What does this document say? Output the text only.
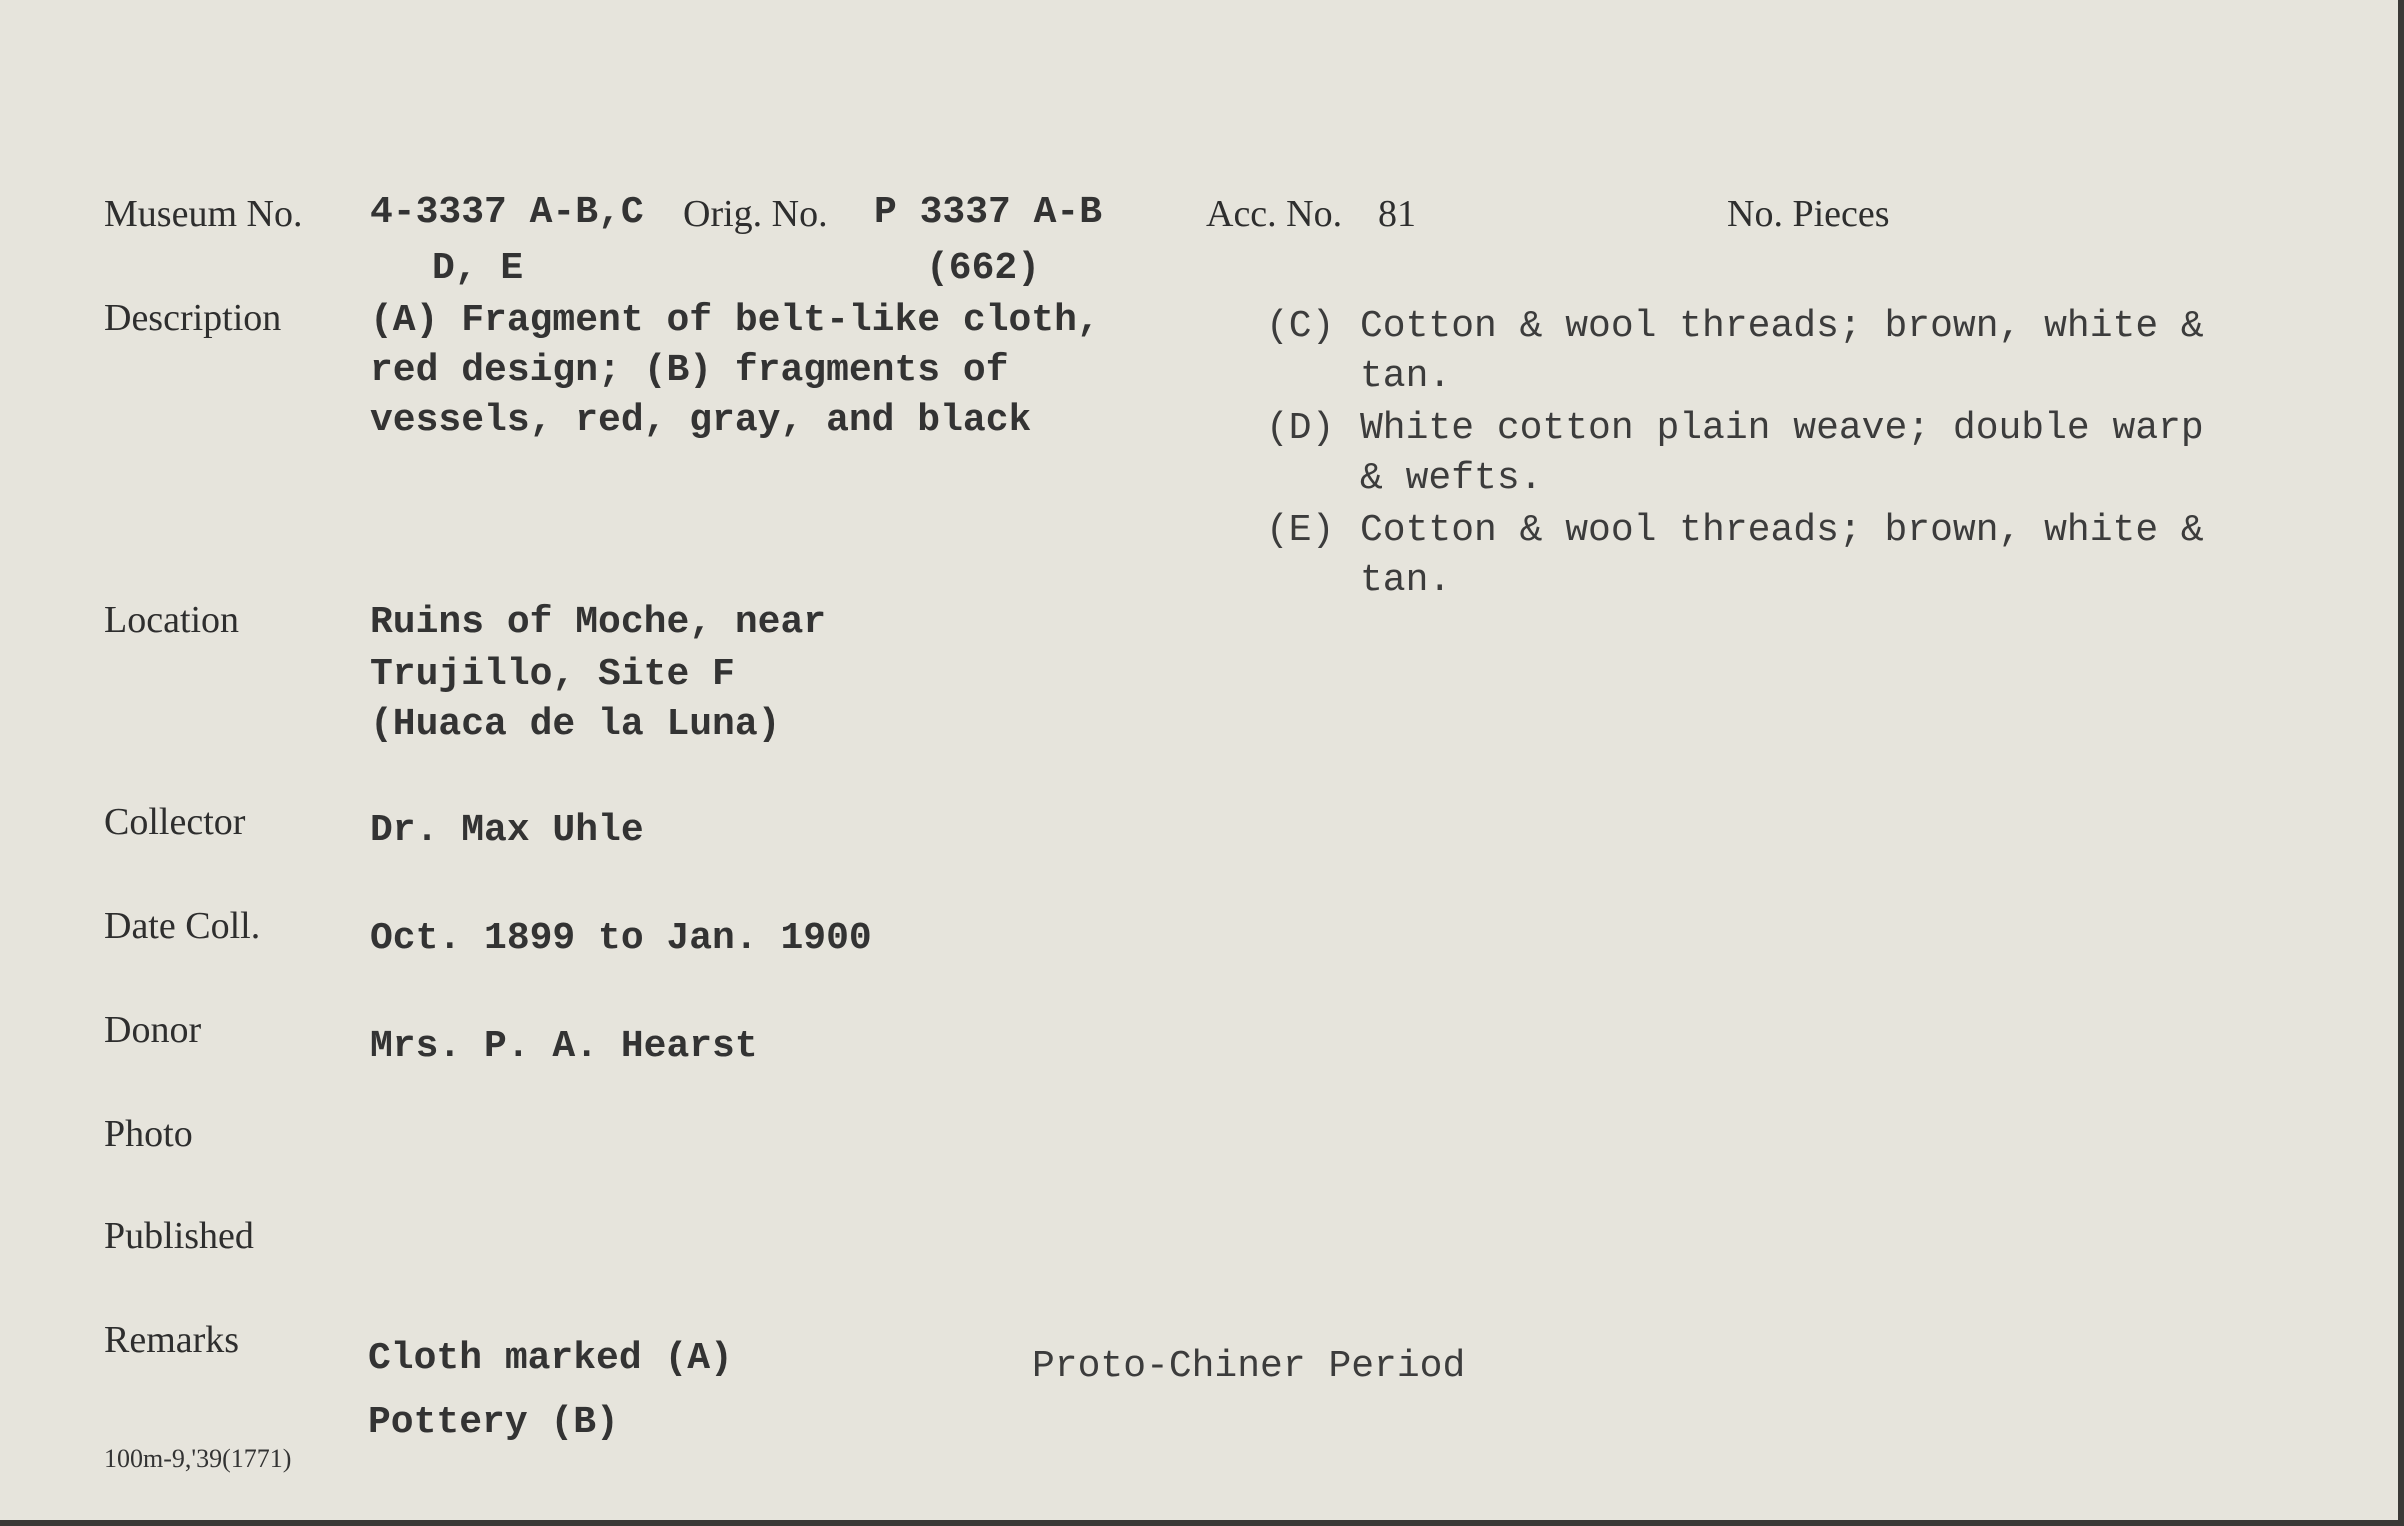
Museum No. 4-3337 A-B,C
D, E
Orig. No. P 3337 A-B
(662)
Acc. No. 81	No. Pieces
Description (A) Fragment of belt-like cloth,
red design; (B) fragments of
vessels, red, gray, and black
(C) Cotton & wool threads; brown, white &
tan.
(D) White cotton plain weave; double warp
& wefts.
(E) Cotton & wool threads; brown, white &
tan.
Location	Ruins of Moche, near
Trujillo, Site F
(Huaca de la Luna)
Collector	Dr. Max Uhle
Date Coll.	Oct. 1899 to Jan. 1900
Donor	Mrs. P. A. Hearst
Photo
Published
Remarks	Cloth marked (A)
Pottery (B)
Proto-Chiner Period
100m-9,'39(1771)
